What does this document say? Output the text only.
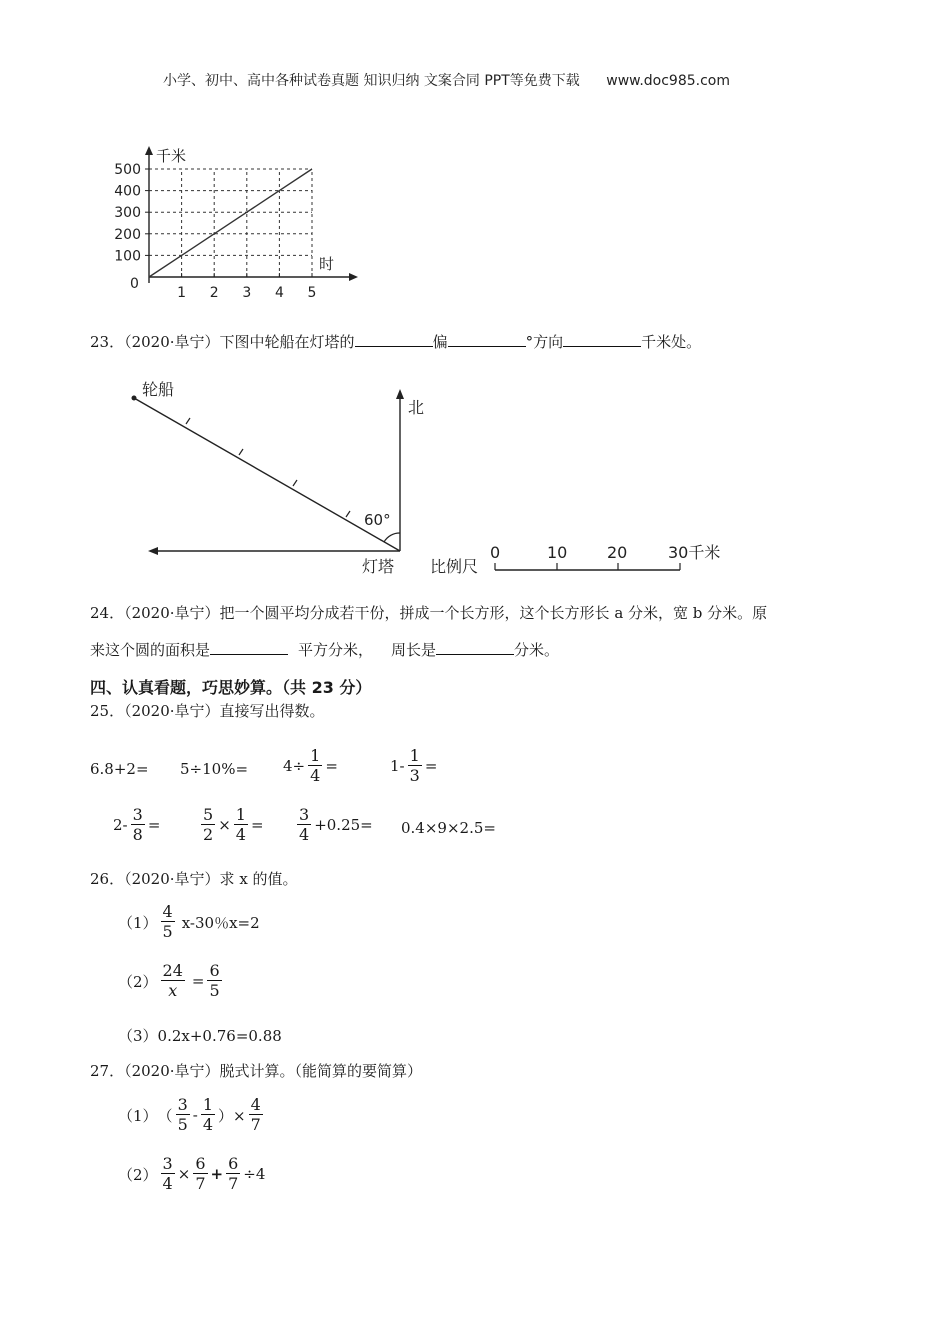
小学、初中、高中各种试卷真题 知识归纳 文案合同 PPT等免费下载 www.doc985.com
千米
时
0
100
200
300
400
500
1 2 3 4 5
23．（2020·阜宁）下图中轮船在灯塔的	偏	°方向	千米处。
轮船
北
60°
灯塔 比例尺
0	10 20	30千米
24．（2020·阜宁）把一个圆平均分成若干份，拼成一个长方形，这个长方形长 a 分米，宽 b 分米。原
来这个圆的面积是	平方分米， 周长是	分米。
四、认真看题，巧思妙算。（共 23 分）
25．（2020·阜宁）直接写出得数。
$6.8+2= 5\div 10\%= 4\div \frac{1}{4}$ =	$1- \frac{1}{3}$ =
$2- \frac{3}{8}$ =	$\frac{5}{2} \times \frac{1}{4} = \frac{3}{4} +0.25= 0.4\times 9\times 2.5=$
26．（2020·阜宁）求 x 的值。
$(1) \frac{4}{5} x-30$％x=2
$(2) \frac{24}{x} = \frac{6}{5}$
（3）0.2x+0.76=0.88
27．（2020·阜宁）脱式计算。（能简算的要简算）
（1） （ $\frac{3}{5} - \frac{1}{4}$ ）× $\frac{4}{7}$
$(2) \frac{3}{4} \times \frac{6}{7} + \frac{6}{7} \div 4$
